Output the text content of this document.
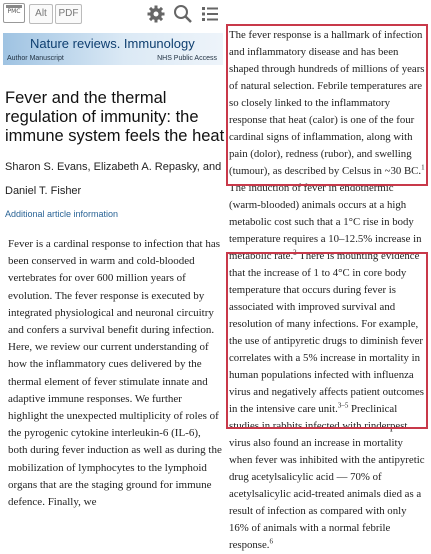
PMC	Alt	PDF
Nature reviews. Immunology
Author Manuscript	NHS Public Access
Fever and the thermal regulation of immunity: the immune system feels the heat
Sharon S. Evans, Elizabeth A. Repasky, and
Daniel T. Fisher
Additional article information
Fever is a cardinal response to infection that has been conserved in warm and cold-blooded vertebrates for over 600 million years of evolution. The fever response is executed by integrated physiological and neuronal circuitry and confers a survival benefit during infection. Here, we review our current understanding of how the inflammatory cues delivered by the thermal element of fever stimulate innate and adaptive immune responses. We further highlight the unexpected multiplicity of roles of the pyrogenic cytokine interleukin-6 (IL-6), both during fever induction as well as during the mobilization of lymphocytes to the lymphoid organs that are the staging ground for immune defence. Finally, we
The fever response is a hallmark of infection and inflammatory disease and has been shaped through hundreds of millions of years of natural selection. Febrile temperatures are so closely linked to the inflammatory response that heat (calor) is one of the four cardinal signs of inflammation, along with pain (dolor), redness (rubor), and swelling (tumour), as described by Celsus in ~30 BC.$^1$ The induction of fever in endothermic (warm-blooded) animals occurs at a high metabolic cost such that a 1°C rise in body temperature requires a 10–12.5% increase in metabolic rate.$^2$ There is mounting evidence that the increase of 1 to 4°C in core body temperature that occurs during fever is associated with improved survival and resolution of many infections. For example, the use of antipyretic drugs to diminish fever correlates with a 5% increase in mortality in human populations infected with influenza virus and negatively affects patient outcomes in the intensive care unit.$^{3-5}$ Preclinical studies in rabbits infected with rinderpest virus also found an increase in mortality when fever was inhibited with the antipyretic drug acetylsalicylic acid — 70% of acetylsalicylic acid-treated animals died as a result of infection as compared with only 16% of animals with a normal febrile response.$^6$
